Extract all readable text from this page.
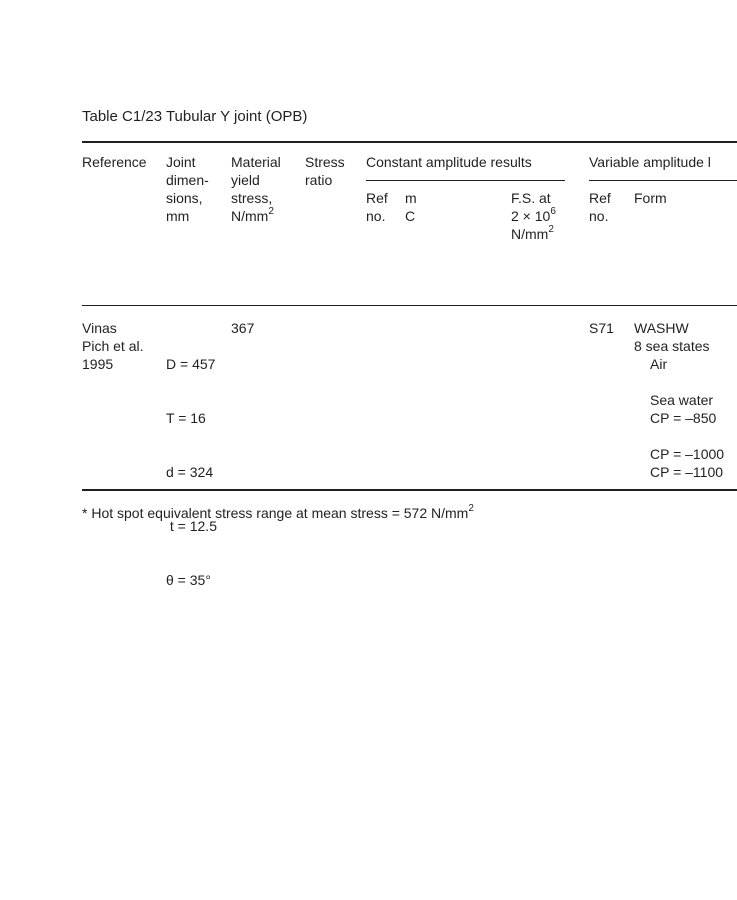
Table C1/23 Tubular Y joint (OPB)
Reference Joint
dimen-
sions,
mm
Material
yield
stress,
$N/mm^2$
Stress
ratio
Constant amplitude results
Ref
no.
m
C
F.S. at
$2 \times 10^6$
$N/mm^2$
Variable amplitude l
Ref
no.
Form
Vinas
Pich et al.
1995

	D = 457

T = 16

d = 324

t = 12.5

θ = 35°

367	S71 WASHW
8 sea states
Air
Sea water
CP = –850
CP = –1000
CP = –1100
* Hot spot equivalent stress range at mean stress = 572 $N/mm^2$
